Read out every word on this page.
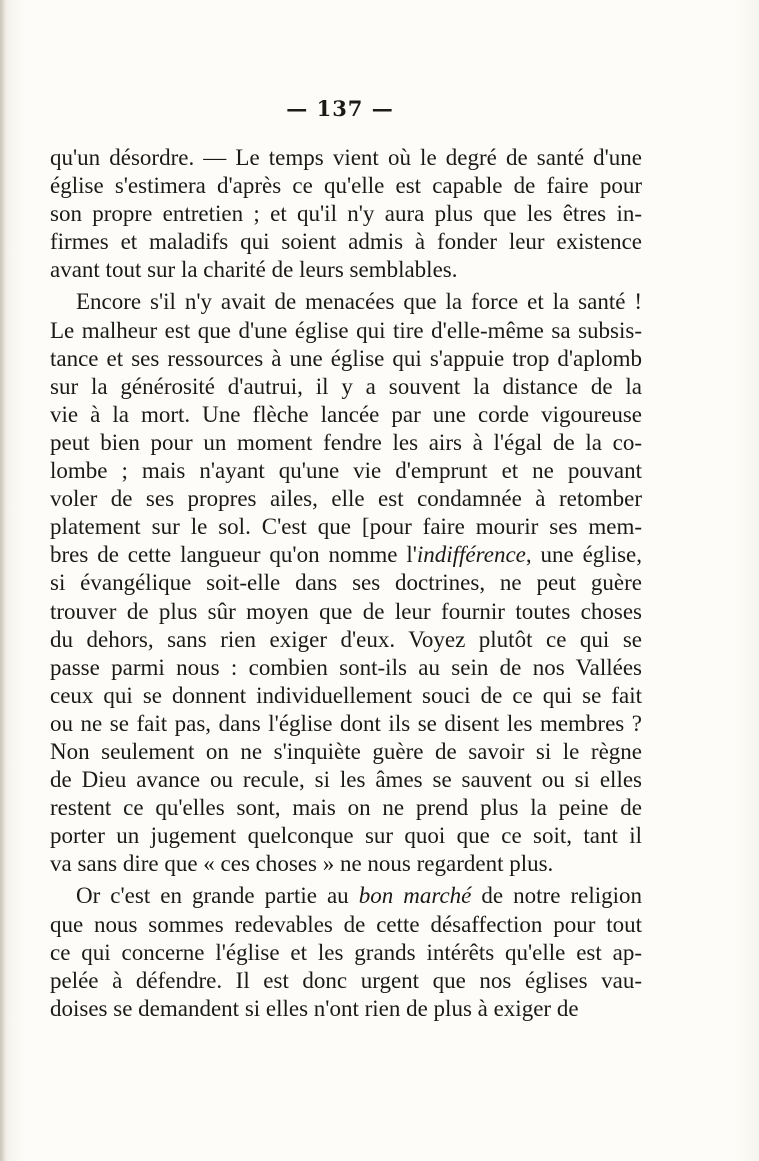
— 137 —
qu'un désordre. — Le temps vient où le degré de santé d'une
église s'estimera d'après ce qu'elle est capable de faire pour
son propre entretien ; et qu'il n'y aura plus que les êtres in-
firmes et maladifs qui soient admis à fonder leur existence
avant tout sur la charité de leurs semblables.
Encore s'il n'y avait de menacées que la force et la santé !
Le malheur est que d'une église qui tire d'elle-même sa subsis-
tance et ses ressources à une église qui s'appuie trop d'aplomb
sur la générosité d'autrui, il y a souvent la distance de la
vie à la mort. Une flèche lancée par une corde vigoureuse
peut bien pour un moment fendre les airs à l'égal de la co-
lombe ; mais n'ayant qu'une vie d'emprunt et ne pouvant
voler de ses propres ailes, elle est condamnée à retomber
platement sur le sol. C'est que [pour faire mourir ses mem-
bres de cette langueur qu'on nomme l'indifférence, une église,
si évangélique soit-elle dans ses doctrines, ne peut guère
trouver de plus sûr moyen que de leur fournir toutes choses
du dehors, sans rien exiger d'eux. Voyez plutôt ce qui se
passe parmi nous : combien sont-ils au sein de nos Vallées
ceux qui se donnent individuellement souci de ce qui se fait
ou ne se fait pas, dans l'église dont ils se disent les membres ?
Non seulement on ne s'inquiète guère de savoir si le règne
de Dieu avance ou recule, si les âmes se sauvent ou si elles
restent ce qu'elles sont, mais on ne prend plus la peine de
porter un jugement quelconque sur quoi que ce soit, tant il
va sans dire que « ces choses » ne nous regardent plus.
Or c'est en grande partie au bon marché de notre religion
que nous sommes redevables de cette désaffection pour tout
ce qui concerne l'église et les grands intérêts qu'elle est ap-
pelée à défendre. Il est donc urgent que nos églises vau-
doises se demandent si elles n'ont rien de plus à exiger de
